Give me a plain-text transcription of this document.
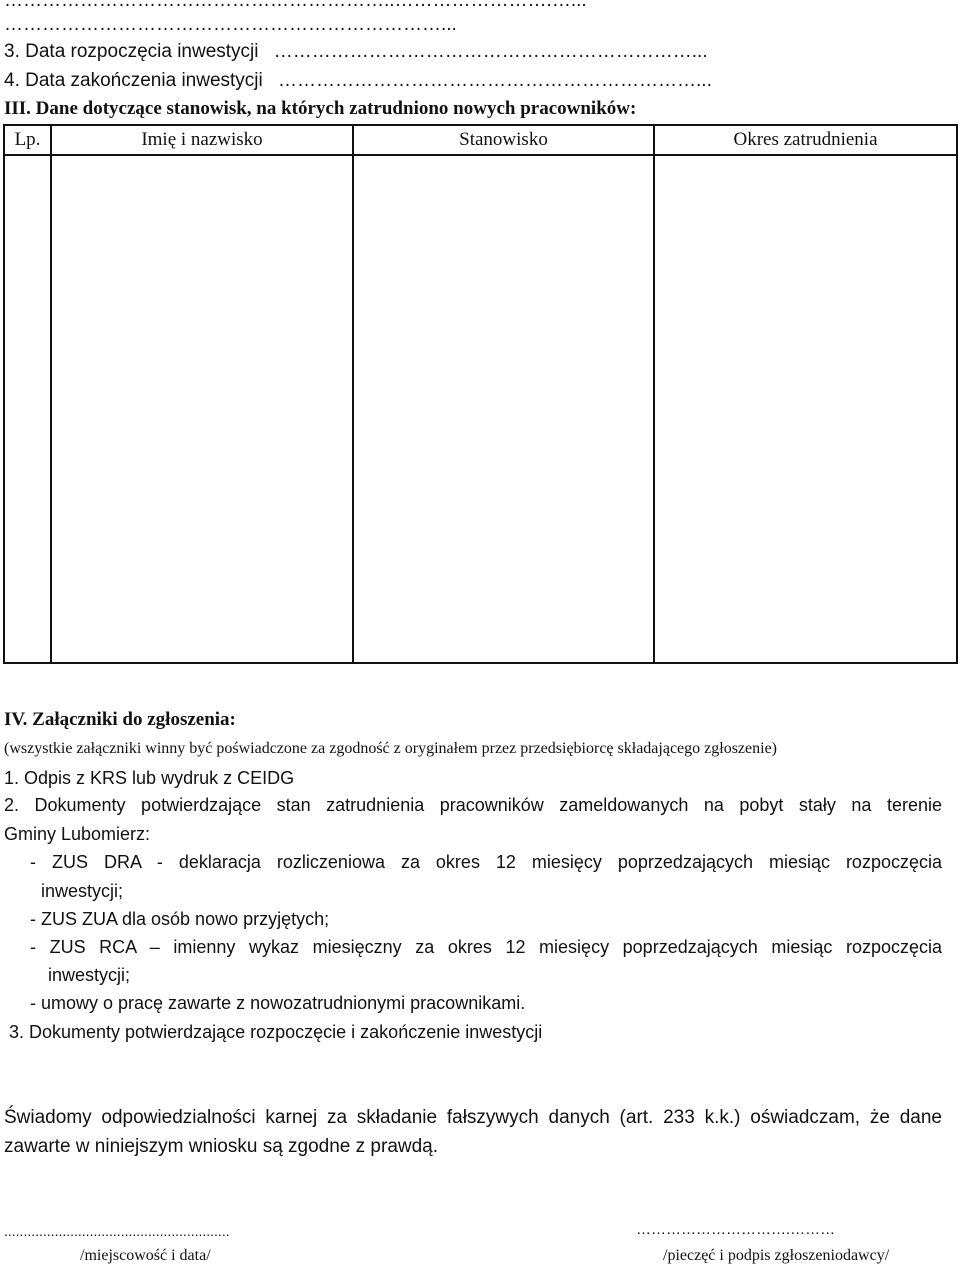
……………………………………………………..…………………….…...
……………………………………………………………...
3. Data rozpoczęcia inwestycji …………………………………………………………...
4. Data zakończenia inwestycji …………………………………………………………...
III. Dane dotyczące stanowisk, na których zatrudniono nowych pracowników:
Lp.	Imię i nazwisko	Stanowisko	Okres zatrudnienia

IV. Załączniki do zgłoszenia:
(wszystkie załączniki winny być poświadczone za zgodność z oryginałem przez przedsiębiorcę składającego zgłoszenie)
1. Odpis z KRS lub wydruk z CEIDG
2. Dokumenty potwierdzające stan zatrudnienia pracowników zameldowanych na pobyt stały na terenie
Gminy Lubomierz:
- ZUS DRA - deklaracja rozliczeniowa za okres 12 miesięcy poprzedzających miesiąc rozpoczęcia
inwestycji;
- ZUS ZUA dla osób nowo przyjętych;
- ZUS RCA – imienny wykaz miesięczny za okres 12 miesięcy poprzedzających miesiąc rozpoczęcia
inwestycji;
- umowy o pracę zawarte z nowozatrudnionymi pracownikami.
3. Dokumenty potwierdzające rozpoczęcie i zakończenie inwestycji
Świadomy odpowiedzialności karnej za składanie fałszywych danych (art. 233 k.k.) oświadczam, że dane
zawarte w niniejszym wniosku są zgodne z prawdą.
..........................................................
/miejscowość i data/
………………………….………
/pieczęć i podpis zgłoszeniodawcy/
